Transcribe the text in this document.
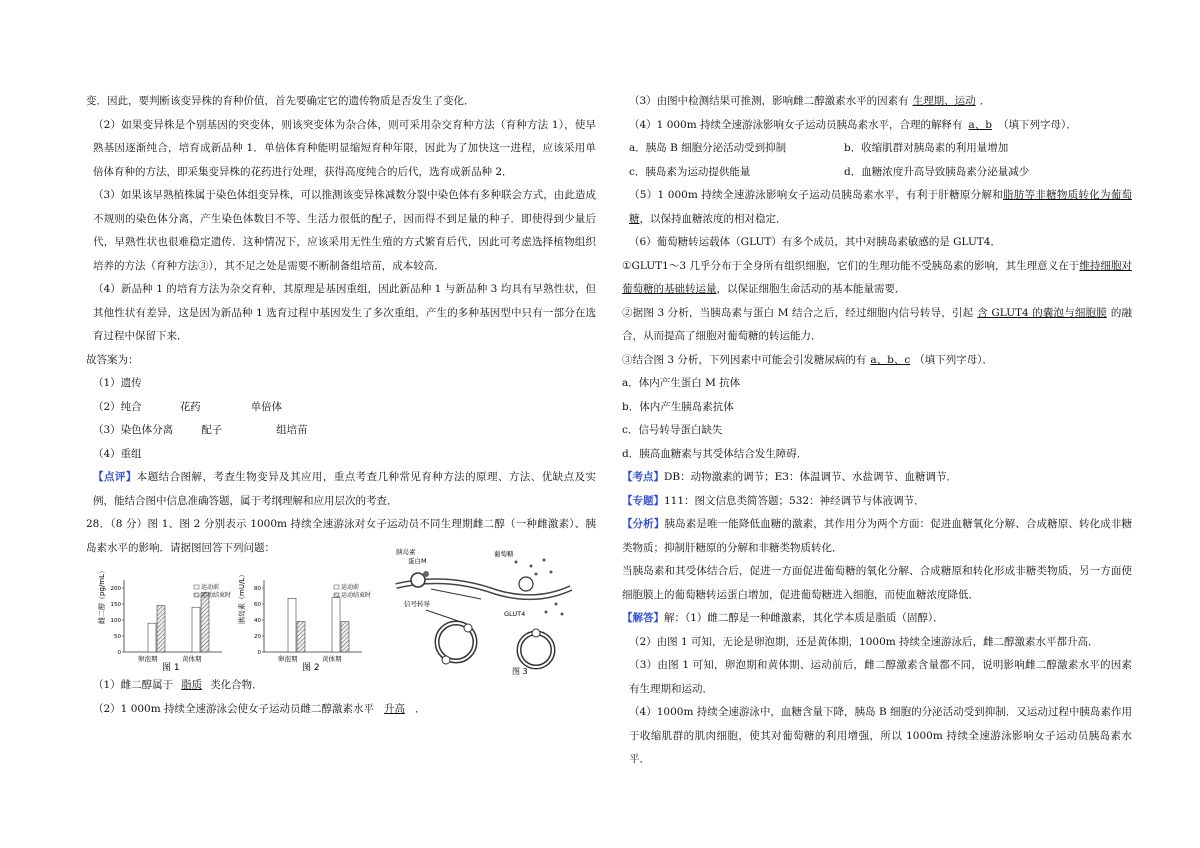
变．因此，要判断该变异株的育种价值，首先要确定它的遗传物质是否发生了变化．

（2）如果变异株是个别基因的突变体，则该突变体为杂合体，则可采用杂交育种方法（育种方法 1），使早熟基因逐渐纯合，培育成新品种 1．单倍体育种能明显缩短育种年限，因此为了加快这一进程，应该采用单倍体育种的方法，即采集变异株的花药进行处理，获得高度纯合的后代，选育成新品种 2．

（3）如果该早熟植株属于染色体组变异株，可以推测该变异株减数分裂中染色体有多种联会方式，由此造成不规则的染色体分离，产生染色体数目不等、生活力很低的配子，因而得不到足量的种子．即使得到少量后代，早熟性状也很难稳定遗传．这种情况下，应该采用无性生殖的方式繁育后代，因此可考虑选择植物组织培养的方法（育种方法③），其不足之处是需要不断制备组培苗，成本较高．

（4）新品种 1 的培育方法为杂交育种，其原理是基因重组，因此新品种 1 与新品种 3 均具有早熟性状，但其他性状有差异，这是因为新品种 1 选育过程中基因发生了多次重组，产生的多种基因型中只有一部分在选育过程中保留下来．

故答案为：

（1）遗传

（2）纯合	花药	单倍体

（3）染色体分离	配子	组培苗

（4）重组

【点评】本题结合图解，考查生物变异及其应用，重点考查几种常见育种方法的原理、方法、优缺点及实例，能结合图中信息准确答题，属于考纲理解和应用层次的考查．

28．（8 分）图 1、图 2 分别表示 1000m 持续全速游泳对女子运动员不同生理期雌二醇（一种雌激素）、胰岛素水平的影响．请据图回答下列问题：

雌二醇（pg/mL） 200
150
100
50
0
运动前
运动结束时
卵泡期	黄体期
图 1
胰岛素（mU/L） 80
60
40
20
0
运动前
运动结束时
卵泡期	黄体期
图 2
胰岛素
蛋白M
葡萄糖
信号转导
GLUT4
图 3

（1）雌二醇属于 脂质 类化合物．

（2）1 000m 持续全速游泳会使女子运动员雌二醇激素水平 升高 ．

（3）由图中检测结果可推测，影响雌二醇激素水平的因素有 生理期、运动 ．

（4）1 000m 持续全速游泳影响女子运动员胰岛素水平，合理的解释有 a、b （填下列字母）．

a．胰岛 B 细胞分泌活动受到抑制	b．收缩肌群对胰岛素的利用量增加

c．胰岛素为运动提供能量	d．血糖浓度升高导致胰岛素分泌量减少

（5）1 000m 持续全速游泳影响女子运动员胰岛素水平，有利于肝糖原分解和脂肪等非糖物质转化为葡萄糖，以保持血糖浓度的相对稳定．

（6）葡萄糖转运载体（GLUT）有多个成员，其中对胰岛素敏感的是 GLUT4．

①GLUT1～3 几乎分布于全身所有组织细胞，它们的生理功能不受胰岛素的影响，其生理意义在于维持细胞对葡萄糖的基础转运量，以保证细胞生命活动的基本能量需要．

②据图 3 分析，当胰岛素与蛋白 M 结合之后，经过细胞内信号转导，引起 含 GLUT4 的囊泡与细胞膜 的融合，从而提高了细胞对葡萄糖的转运能力．

③结合图 3 分析，下列因素中可能会引发糖尿病的有 a、b、c （填下列字母）．

a．体内产生蛋白 M 抗体

b．体内产生胰岛素抗体

c．信号转导蛋白缺失

d．胰高血糖素与其受体结合发生障碍．

【考点】DB：动物激素的调节；E3：体温调节、水盐调节、血糖调节．

【专题】111：图文信息类简答题；532：神经调节与体液调节．

【分析】胰岛素是唯一能降低血糖的激素，其作用分为两个方面：促进血糖氧化分解、合成糖原、转化成非糖类物质；抑制肝糖原的分解和非糖类物质转化．

当胰岛素和其受体结合后，促进一方面促进葡萄糖的氧化分解、合成糖原和转化形成非糖类物质，另一方面使细胞膜上的葡萄糖转运蛋白增加，促进葡萄糖进入细胞，而使血糖浓度降低．

【解答】解：（1）雌二醇是一种雌激素，其化学本质是脂质（固醇）．

（2）由图 1 可知，无论是卵泡期，还是黄体期，1000m 持续全速游泳后，雌二醇激素水平都升高．

（3）由图 1 可知，卵泡期和黄体期、运动前后，雌二醇激素含量都不同，说明影响雌二醇激素水平的因素有生理期和运动．

（4）1000m 持续全速游泳中，血糖含量下降，胰岛 B 细胞的分泌活动受到抑制．又运动过程中胰岛素作用于收缩肌群的肌肉细胞，使其对葡萄糖的利用增强，所以 1000m 持续全速游泳影响女子运动员胰岛素水平．
